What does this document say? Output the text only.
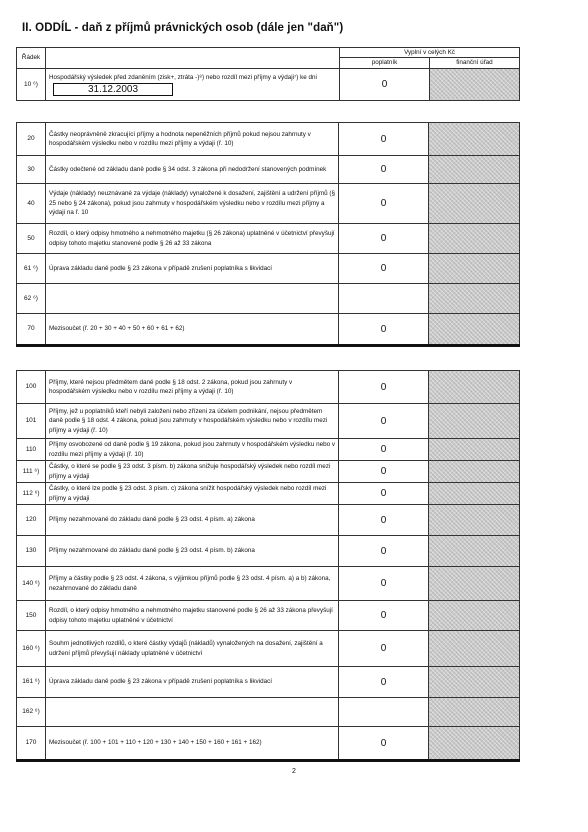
II. ODDÍL - daň z příjmů právnických osob (dále jen "daň")
Řádek		Vyplní v celých Kč	
		poplatník	finanční úřad
10 ⁶)	Hospodářský výsledek před zdaněním (zisk+, ztráta -)⁸) nebo rozdíl mezi příjmy a výdaji⁷) ke dni 31.12.2003	0	
20	Částky neoprávněně zkracující příjmy a hodnota nepeněžních příjmů pokud nejsou zahrnuty v hospodářském výsledku nebo v rozdílu mezi příjmy a výdaji (ř. 10)	0	
30	Částky odečtené od základu daně podle § 34 odst. 3 zákona při nedodržení stanovených podmínek	0	
40	Výdaje (náklady) neuznávané za výdaje (náklady) vynaložené k dosažení, zajištění a udržení příjmů (§ 25 nebo § 24 zákona), pokud jsou zahrnuty v hospodářském výsledku nebo v rozdílu mezi příjmy a výdaji na ř. 10	0	
50	Rozdíl, o který odpisy hmotného a nehmotného majetku (§ 26 zákona) uplatněné v účetnictví převyšují odpisy tohoto majetku stanovené podle § 26 až 33 zákona	0	
61 ⁶)	Úprava základu daně podle § 23 zákona v případě zrušení poplatníka s likvidací	0	
62 ⁶)			
70	Mezisoučet (ř. 20 + 30 + 40 + 50 + 60 + 61 + 62)	0	
100	Příjmy, které nejsou předmětem daně podle § 18 odst. 2 zákona, pokud jsou zahrnuty v hospodářském výsledku nebo v rozdílu mezi příjmy a výdaji (ř. 10)	0	
101	Příjmy, jež u poplatníků kteří nebyli založeni nebo zřízeni za účelem podnikání, nejsou předmětem daně podle § 18 odst. 4 zákona, pokud jsou zahrnuty v hospodářském výsledku nebo v rozdílu mezi příjmy a výdaji (ř. 10)	0	
110	Příjmy osvobozené od daně podle § 19 zákona, pokud jsou zahrnuty v hospodářském výsledku nebo v rozdílu mezi příjmy a výdaji (ř. 10)	0	
111 ⁶)	Částky, o které se podle § 23 odst. 3 písm. b) zákona snižuje hospodářský výsledek nebo rozdíl mezi příjmy a výdaji	0	
112 ⁶)	Částky, o které lze podle § 23 odst. 3 písm. c) zákona snížit hospodářský výsledek nebo rozdíl mezi příjmy a výdaji	0	
120	Příjmy nezahrnované do základu daně podle § 23 odst. 4 písm. a) zákona	0	
130	Příjmy nezahrnované do základu daně podle § 23 odst. 4 písm. b) zákona	0	
140 ⁶)	Příjmy a částky podle § 23 odst. 4 zákona, s výjimkou příjmů podle § 23 odst. 4 písm. a) a b) zákona, nezahrnované do základu daně	0	
150	Rozdíl, o který odpisy hmotného a nehmotného majetku stanovené podle § 26 až 33 zákona převyšují odpisy tohoto majetku uplatněné v účetnictví	0	
160 ⁶)	Souhrn jednotlivých rozdílů, o které částky výdajů (nákladů) vynaložených na dosažení, zajištění a udržení příjmů převyšují náklady uplatněné v účetnictví	0	
161 ⁶)	Úprava základu daně podle § 23 zákona v případě zrušení poplatníka s likvidací	0	
162 ⁶)			
170	Mezisoučet (ř. 100 + 101 + 110 + 120 + 130 + 140 + 150 + 160 + 161 + 162)	0	
2
